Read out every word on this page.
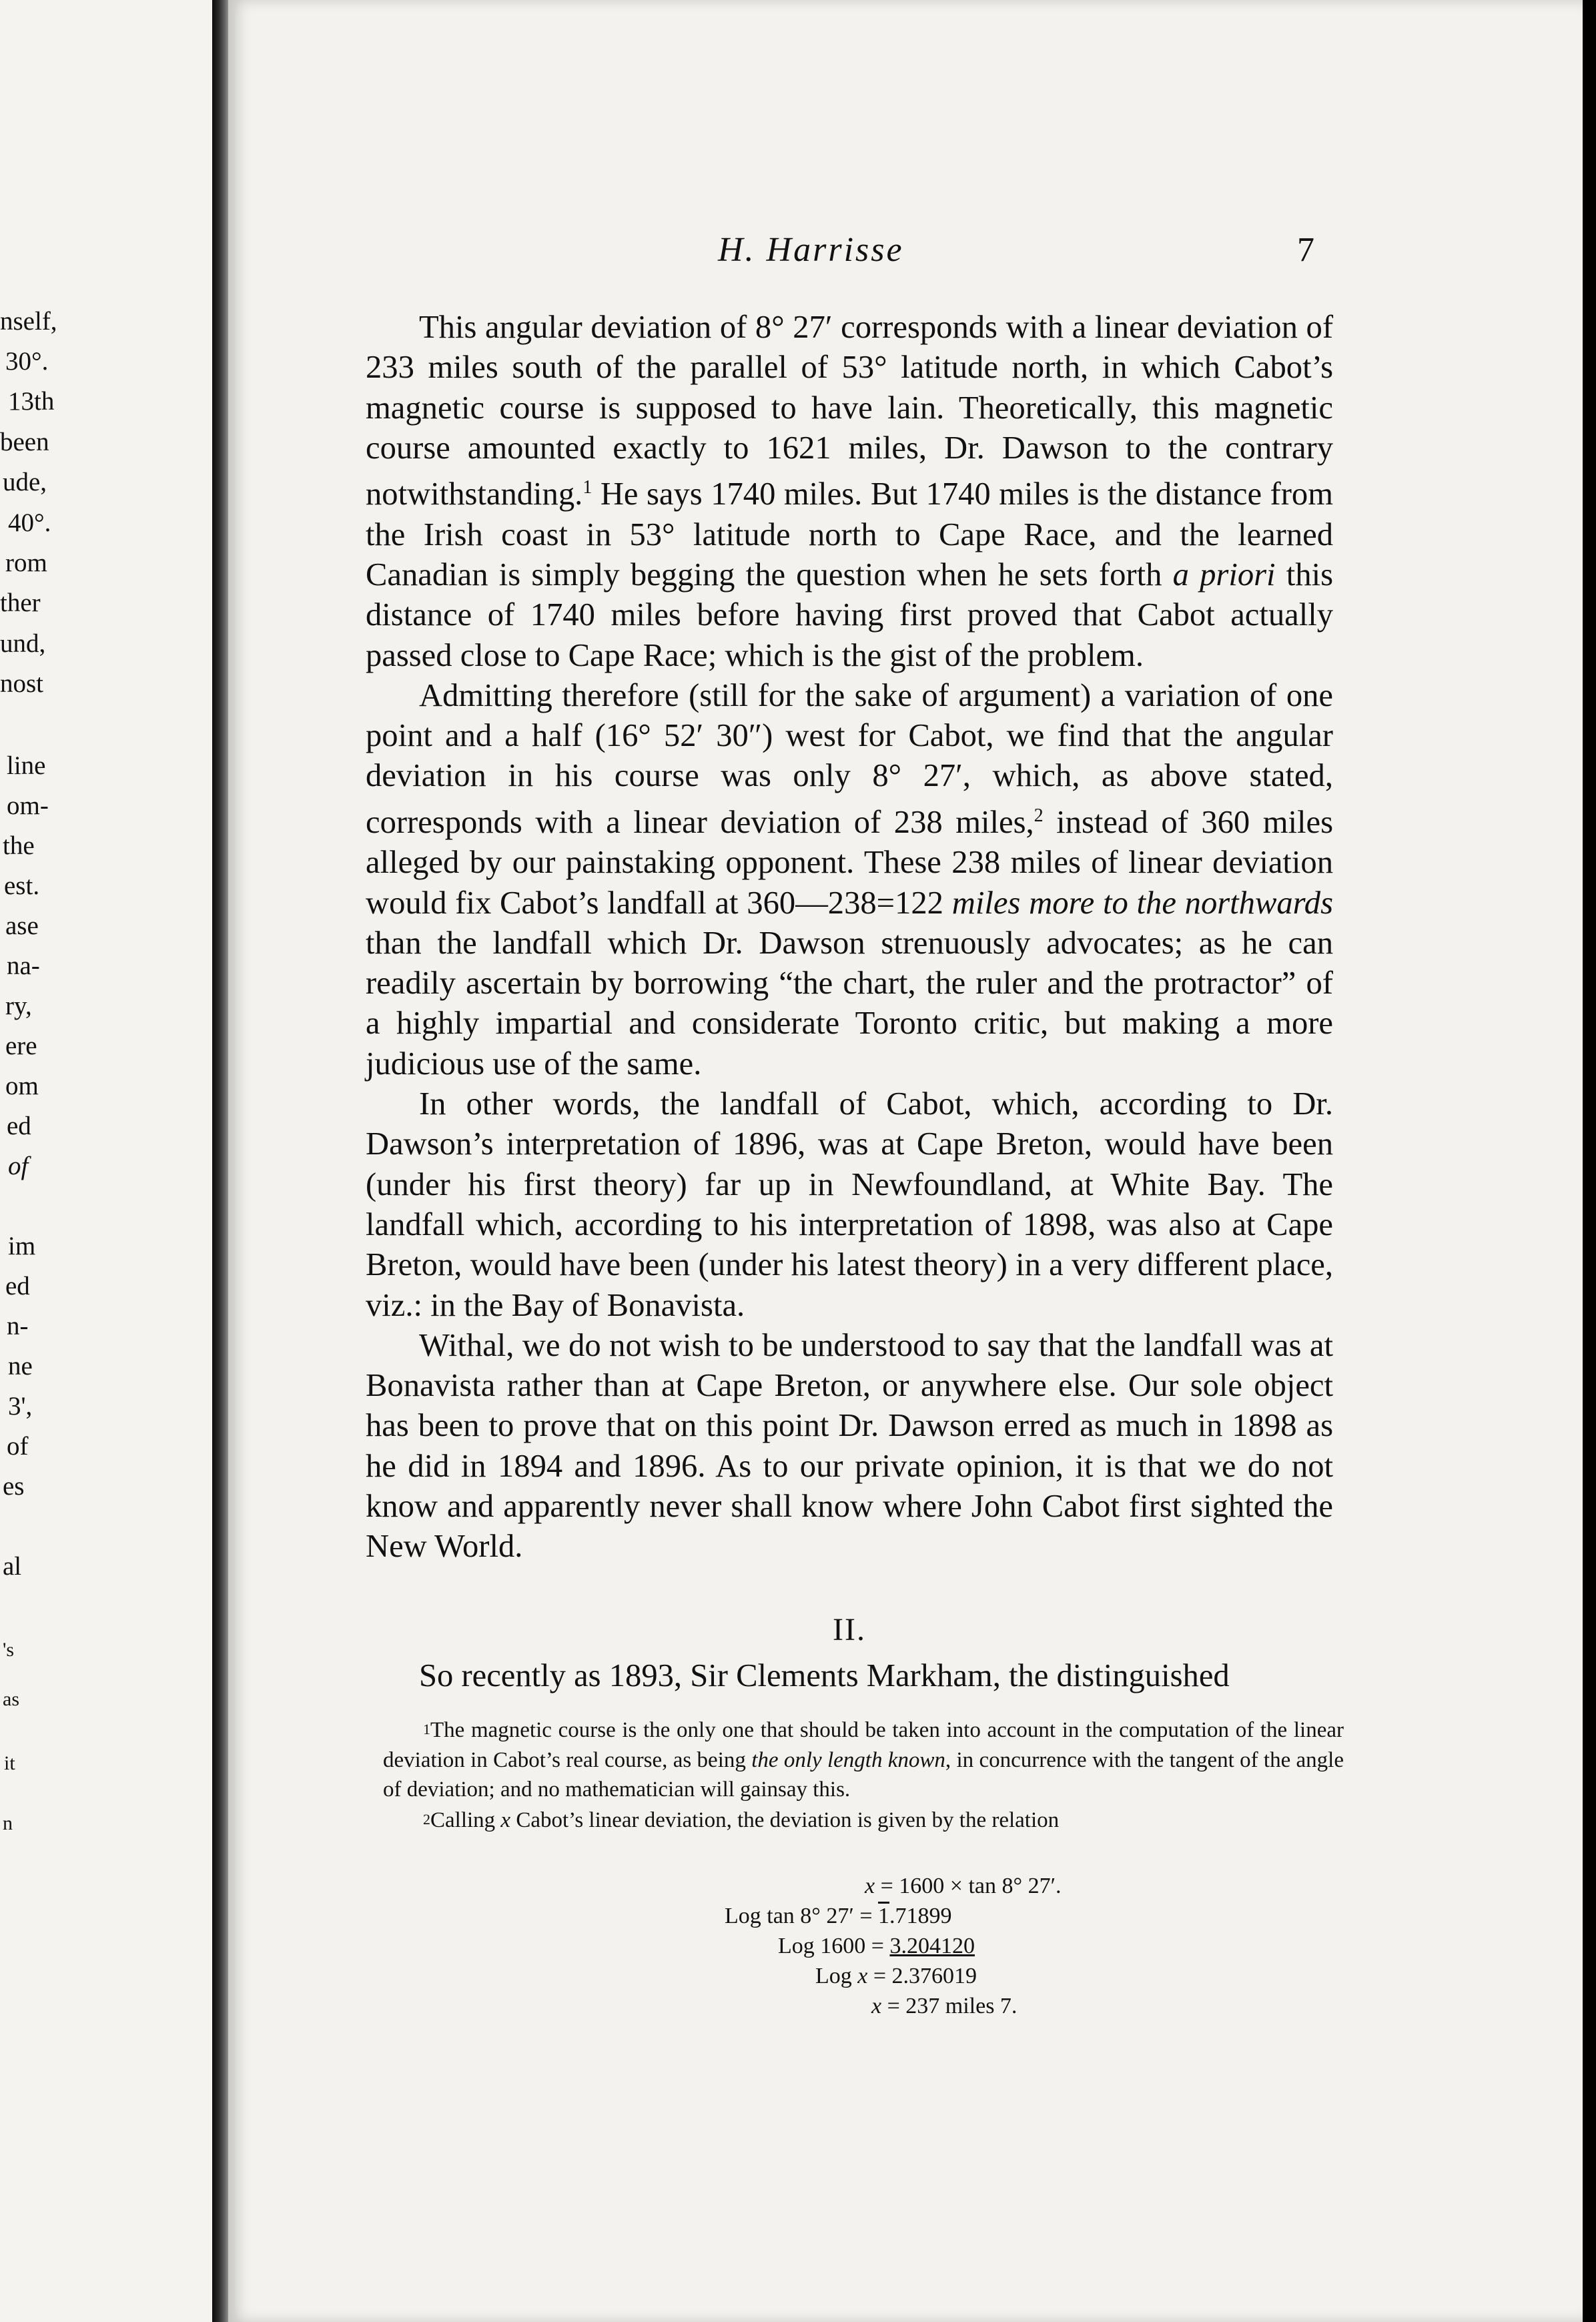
nself,
30°.
13th
been
ude,
40°.
rom
ther
und,
nost
line
om-
the
est.
ase
na-
ry,
ere
om
ed
of
im
ed
n-
ne
3',
of
es
al
's
as
it
n
H. Harrisse	7

This angular deviation of 8° 27′ corresponds with a linear deviation of 233 miles south of the parallel of 53° latitude north, in which Cabot’s magnetic course is supposed to have lain. Theoretically, this magnetic course amounted exactly to 1621 miles, Dr. Dawson to the contrary notwithstanding.$^1$ He says 1740 miles. But 1740 miles is the distance from the Irish coast in 53° latitude north to Cape Race, and the learned Canadian is simply begging the question when he sets forth a priori this distance of 1740 miles before having first proved that Cabot actually passed close to Cape Race; which is the gist of the problem.

Admitting therefore (still for the sake of argument) a variation of one point and a half (16° 52′ 30″) west for Cabot, we find that the angular deviation in his course was only 8° 27′, which, as above stated, corresponds with a linear deviation of 238 miles,$^2$ instead of 360 miles alleged by our painstaking opponent. These 238 miles of linear deviation would fix Cabot’s landfall at 360—238=122 miles more to the northwards than the landfall which Dr. Dawson strenuously advocates; as he can readily ascertain by borrowing “the chart, the ruler and the protractor” of a highly impartial and considerate Toronto critic, but making a more judicious use of the same.

In other words, the landfall of Cabot, which, according to Dr. Dawson’s interpretation of 1896, was at Cape Breton, would have been (under his first theory) far up in Newfoundland, at White Bay. The landfall which, according to his interpretation of 1898, was also at Cape Breton, would have been (under his latest theory) in a very different place, viz.: in the Bay of Bonavista.

Withal, we do not wish to be understood to say that the landfall was at Bonavista rather than at Cape Breton, or anywhere else. Our sole object has been to prove that on this point Dr. Dawson erred as much in 1898 as he did in 1894 and 1896. As to our private opinion, it is that we do not know and apparently never shall know where John Cabot first sighted the New World.

II.
So recently as 1893, Sir Clements Markham, the distinguished

$^1$The magnetic course is the only one that should be taken into account in the computation of the linear deviation in Cabot’s real course, as being the only length known, in concurrence with the tangent of the angle of deviation; and no mathematician will gainsay this.

$^2$Calling x Cabot’s linear deviation, the deviation is given by the relation

x = 1600 × tan 8° 27′.
Log tan 8° 27′ = 1.71899
Log 1600 = 3.204120
Log x = 2.376019
x = 237 miles 7.
